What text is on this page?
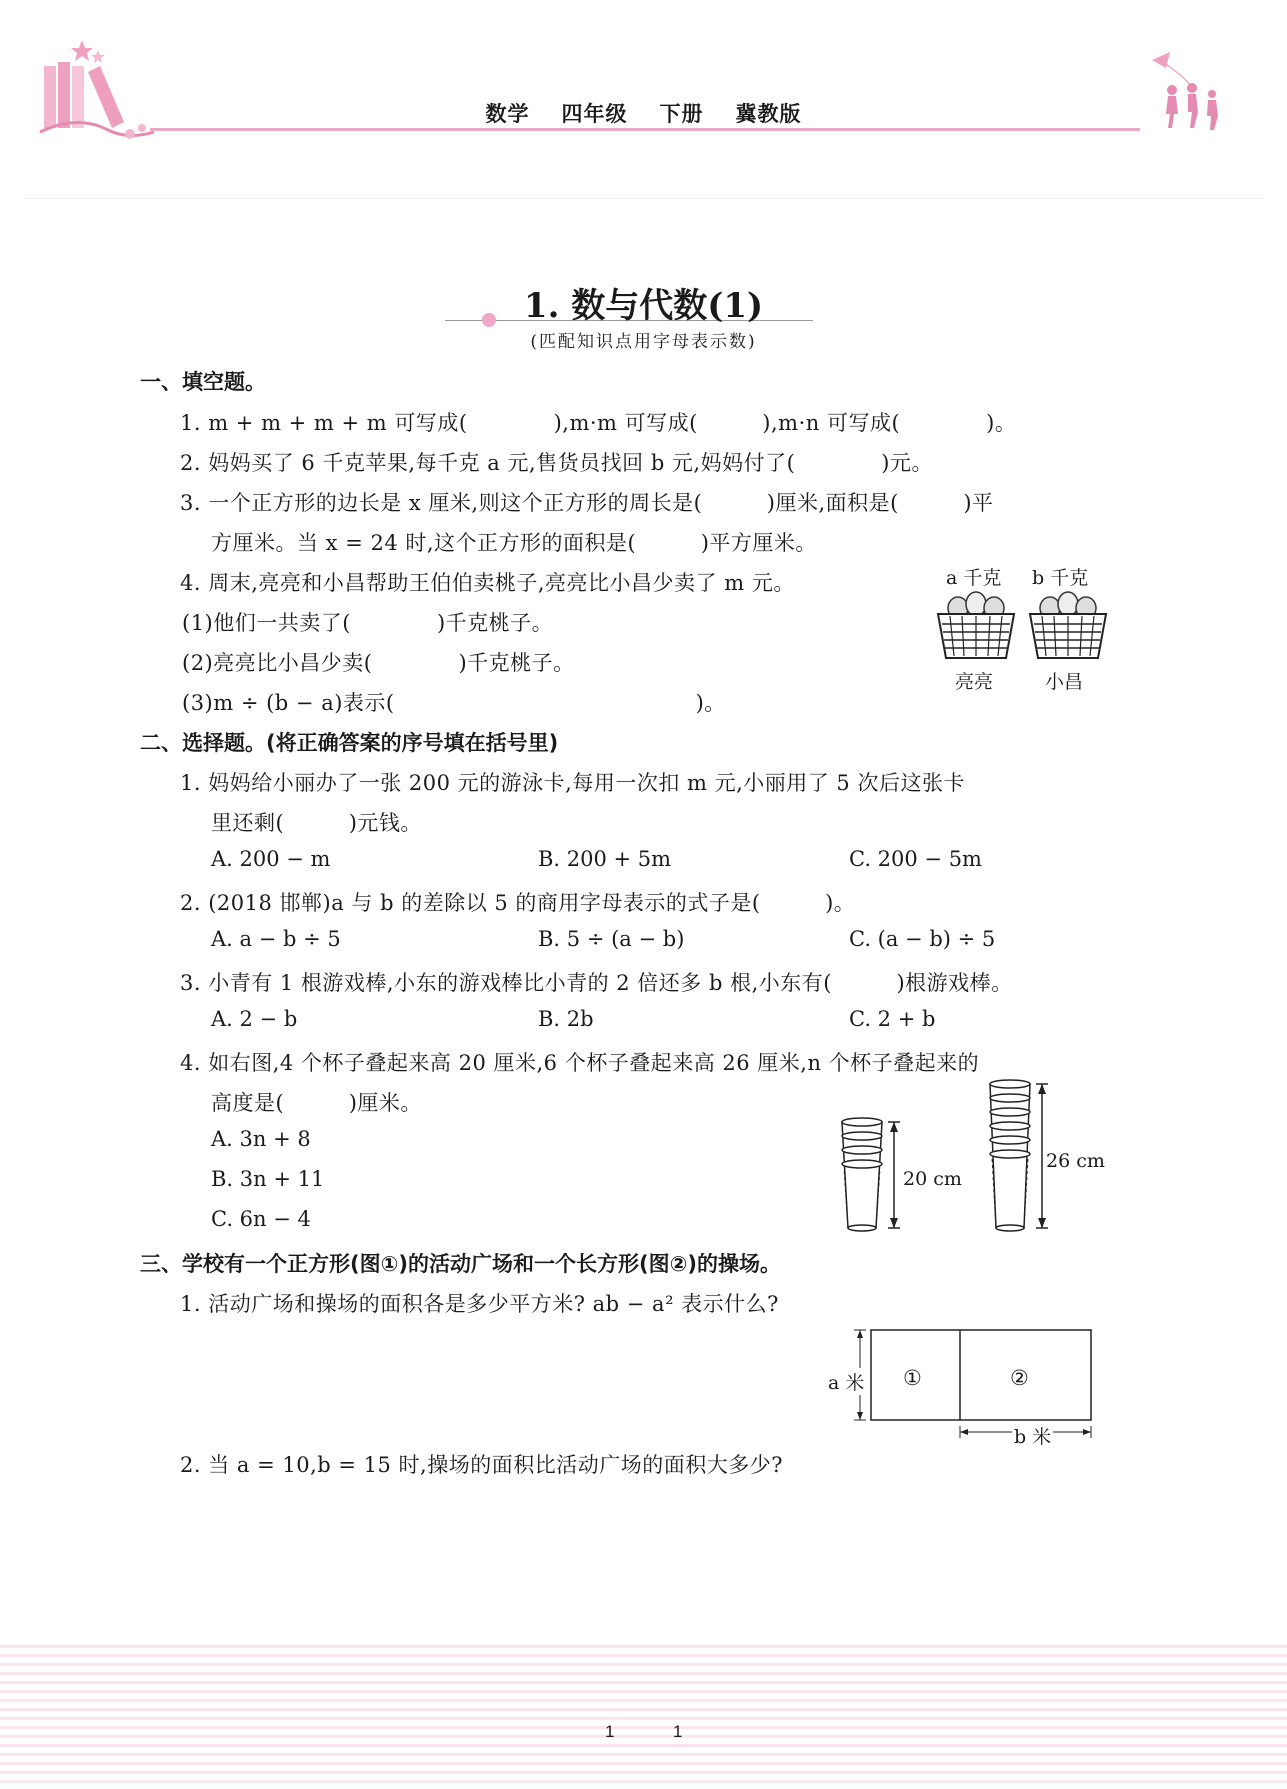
数学 四年级 下册 冀教版
1. 数与代数(1)
(匹配知识点用字母表示数)
一、填空题。
1. m + m + m + m 可写成(　　　　),m·m 可写成(　　　),m·n 可写成(　　　　)。
2. 妈妈买了 6 千克苹果,每千克 a 元,售货员找回 b 元,妈妈付了(　　　　)元。
3. 一个正方形的边长是 x 厘米,则这个正方形的周长是(　　　)厘米,面积是(　　　)平
方厘米。当 x = 24 时,这个正方形的面积是(　　　)平方厘米。
4. 周末,亮亮和小昌帮助王伯伯卖桃子,亮亮比小昌少卖了 m 元。
(1)他们一共卖了(　　　　)千克桃子。
(2)亮亮比小昌少卖(　　　　)千克桃子。
(3)m ÷ (b − a)表示(　　　　　　　　　　　　　　)。
a 千克 b 千克
亮亮	小昌
二、选择题。(将正确答案的序号填在括号里)
1. 妈妈给小丽办了一张 200 元的游泳卡,每用一次扣 m 元,小丽用了 5 次后这张卡
里还剩(　　　)元钱。
A. 200 − m	B. 200 + 5m	C. 200 − 5m
2. (2018 邯郸)a 与 b 的差除以 5 的商用字母表示的式子是(　　　)。
A. a − b ÷ 5	B. 5 ÷ (a − b)	C. (a − b) ÷ 5
3. 小青有 1 根游戏棒,小东的游戏棒比小青的 2 倍还多 b 根,小东有(　　　)根游戏棒。
A. 2 − b	B. 2b	C. 2 + b
4. 如右图,4 个杯子叠起来高 20 厘米,6 个杯子叠起来高 26 厘米,n 个杯子叠起来的
高度是(　　　)厘米。
A. 3n + 8
B. 3n + 11
C. 6n − 4
20 cm
26 cm
三、学校有一个正方形(图①)的活动广场和一个长方形(图②)的操场。
1. 活动广场和操场的面积各是多少平方米? ab − a² 表示什么?
a 米
b 米
①	②
2. 当 a = 10,b = 15 时,操场的面积比活动广场的面积大多少?
1	1
